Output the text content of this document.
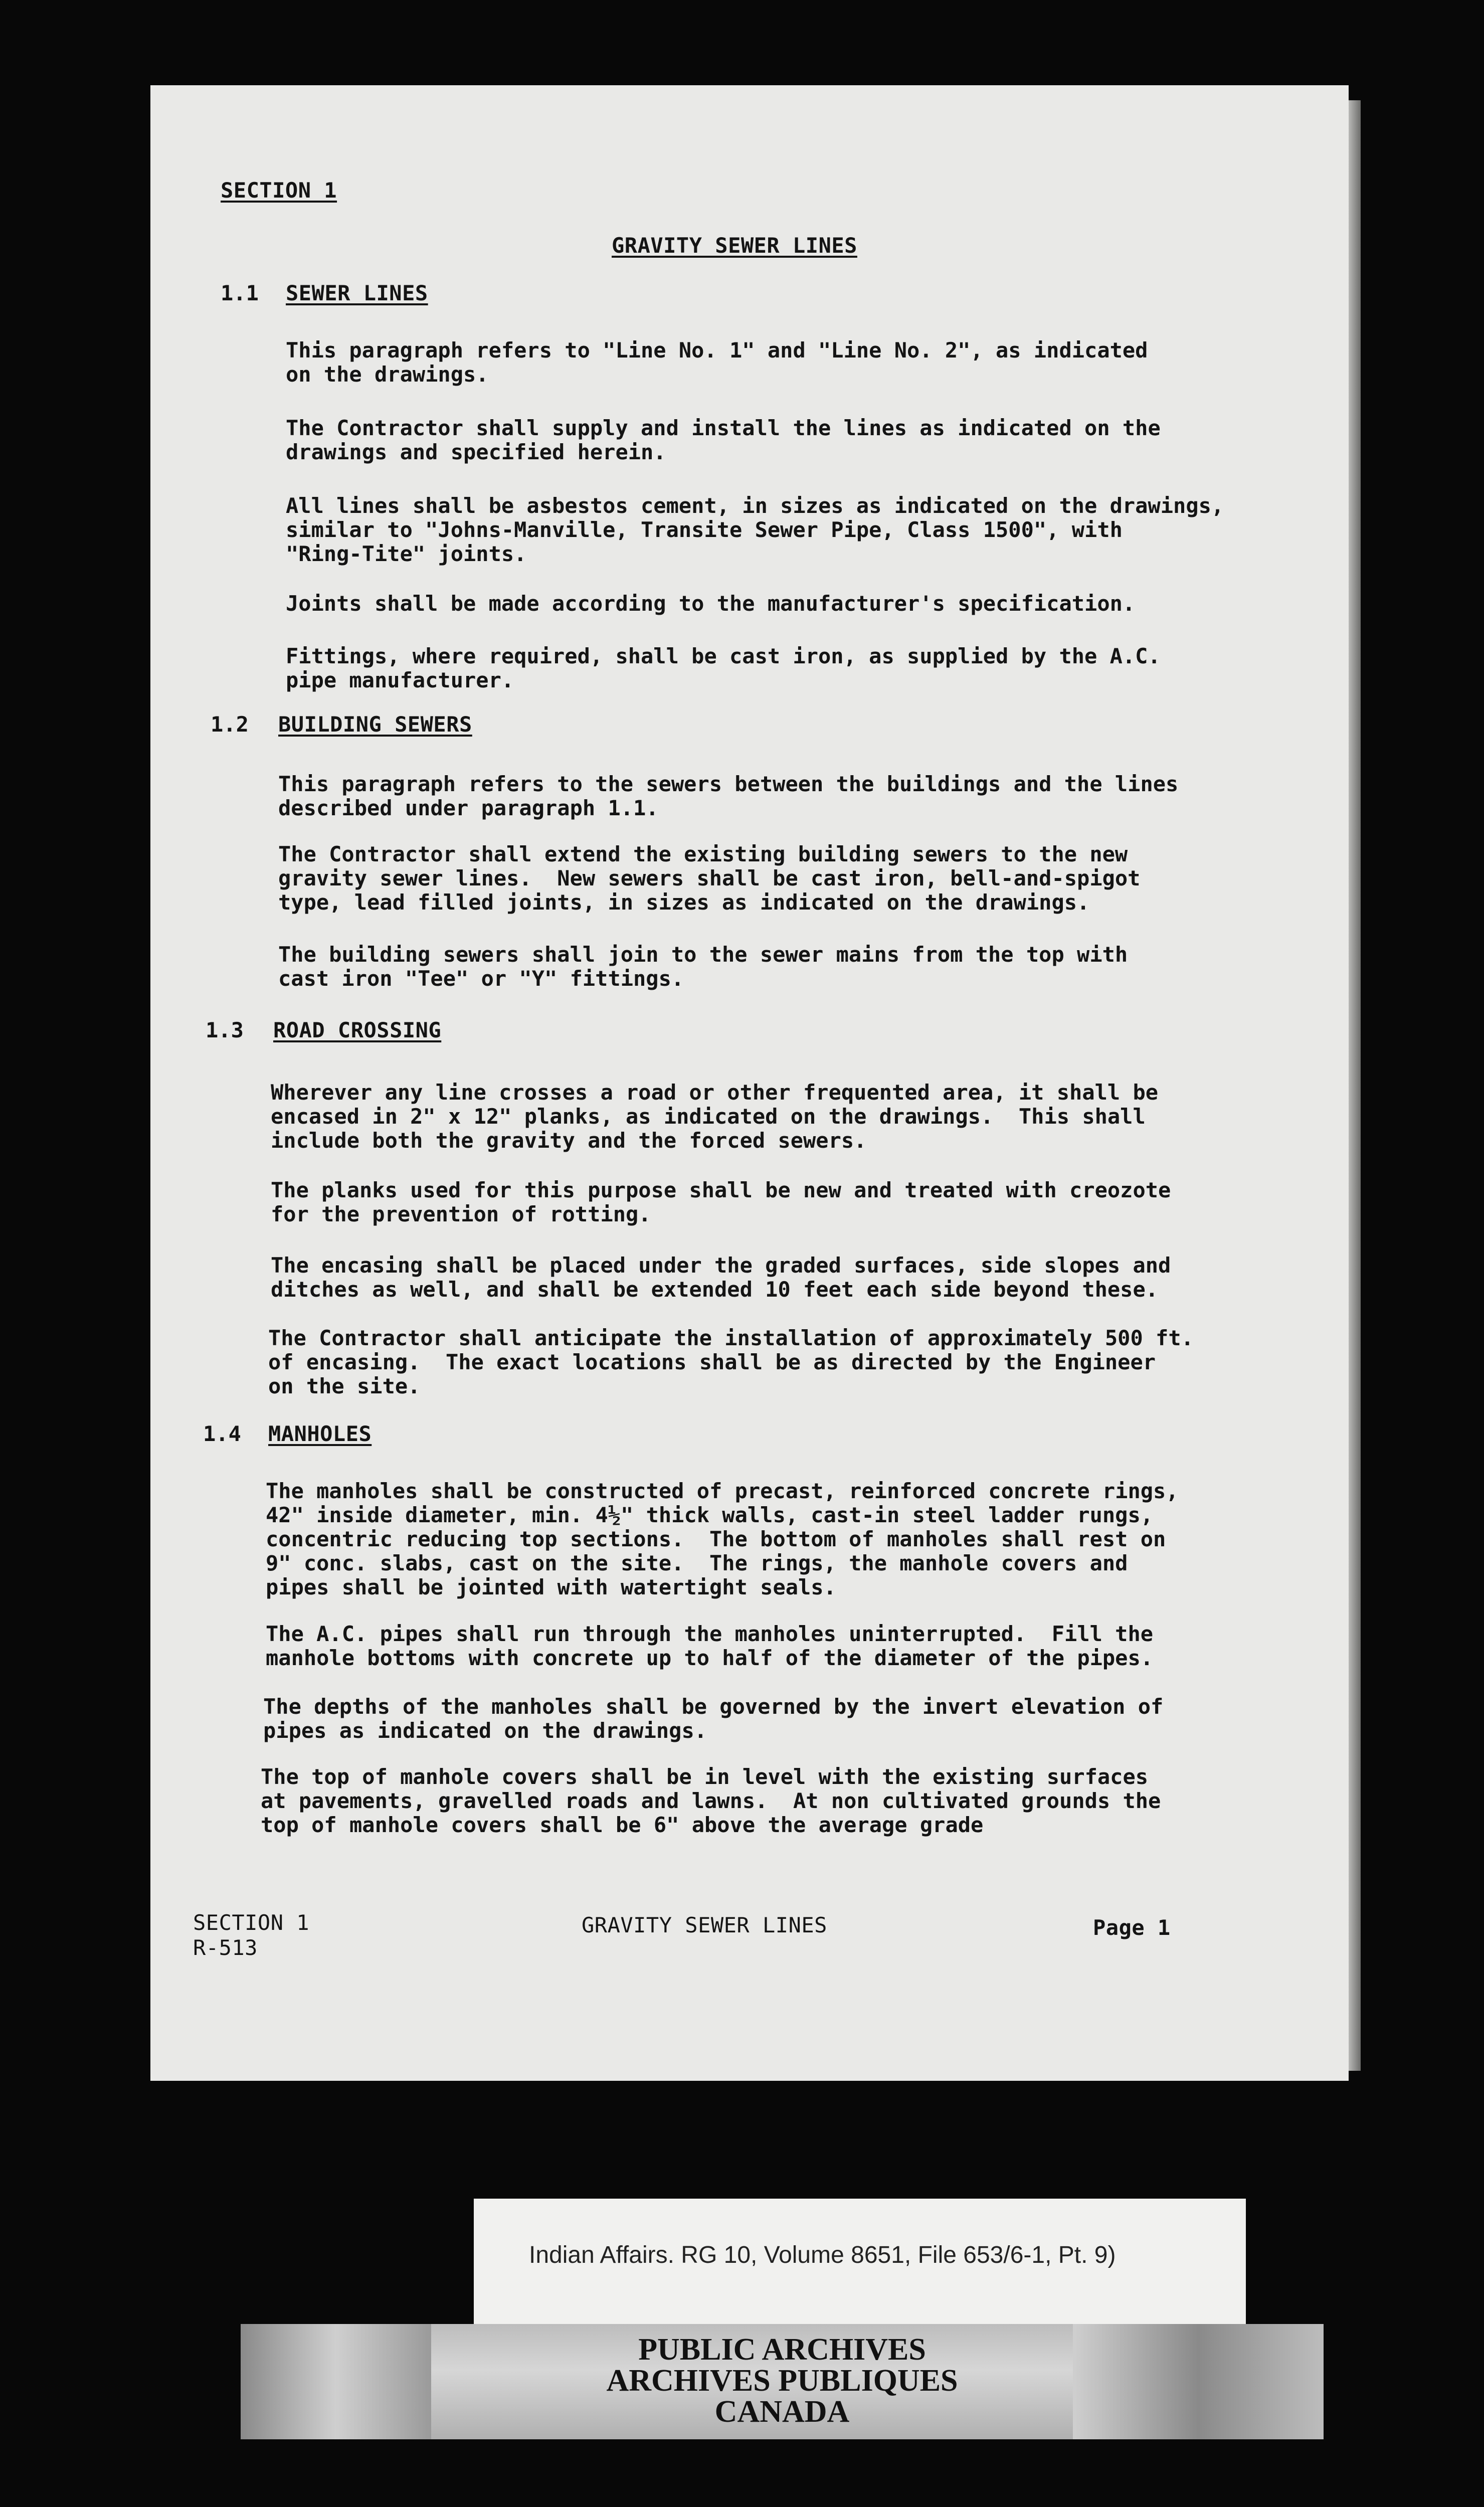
SECTION 1
GRAVITY SEWER LINES
1.1 SEWER LINES
This paragraph refers to "Line No. 1" and "Line No. 2", as indicated
on the drawings.
The Contractor shall supply and install the lines as indicated on the
drawings and specified herein.
All lines shall be asbestos cement, in sizes as indicated on the drawings,
similar to "Johns-Manville, Transite Sewer Pipe, Class 1500", with
"Ring-Tite" joints.
Joints shall be made according to the manufacturer's specification.
Fittings, where required, shall be cast iron, as supplied by the A.C.
pipe manufacturer.
1.2 BUILDING SEWERS
This paragraph refers to the sewers between the buildings and the lines
described under paragraph 1.1.
The Contractor shall extend the existing building sewers to the new
gravity sewer lines.  New sewers shall be cast iron, bell-and-spigot
type, lead filled joints, in sizes as indicated on the drawings.
The building sewers shall join to the sewer mains from the top with
cast iron "Tee" or "Y" fittings.
1.3 ROAD CROSSING
Wherever any line crosses a road or other frequented area, it shall be
encased in 2" x 12" planks, as indicated on the drawings.  This shall
include both the gravity and the forced sewers.
The planks used for this purpose shall be new and treated with creozote
for the prevention of rotting.
The encasing shall be placed under the graded surfaces, side slopes and
ditches as well, and shall be extended 10 feet each side beyond these.
The Contractor shall anticipate the installation of approximately 500 ft.
of encasing.  The exact locations shall be as directed by the Engineer
on the site.
1.4 MANHOLES
The manholes shall be constructed of precast, reinforced concrete rings,
42" inside diameter, min. 4½" thick walls, cast-in steel ladder rungs,
concentric reducing top sections.  The bottom of manholes shall rest on
9" conc. slabs, cast on the site.  The rings, the manhole covers and
pipes shall be jointed with watertight seals.
The A.C. pipes shall run through the manholes uninterrupted.  Fill the
manhole bottoms with concrete up to half of the diameter of the pipes.
The depths of the manholes shall be governed by the invert elevation of
pipes as indicated on the drawings.
The top of manhole covers shall be in level with the existing surfaces
at pavements, gravelled roads and lawns.  At non cultivated grounds the
top of manhole covers shall be 6" above the average grade
SECTION 1
R-513
GRAVITY SEWER LINES	Page 1
Indian Affairs. RG 10, Volume 8651, File 653/6-1, Pt. 9)
PUBLIC ARCHIVES
ARCHIVES PUBLIQUES
CANADA
